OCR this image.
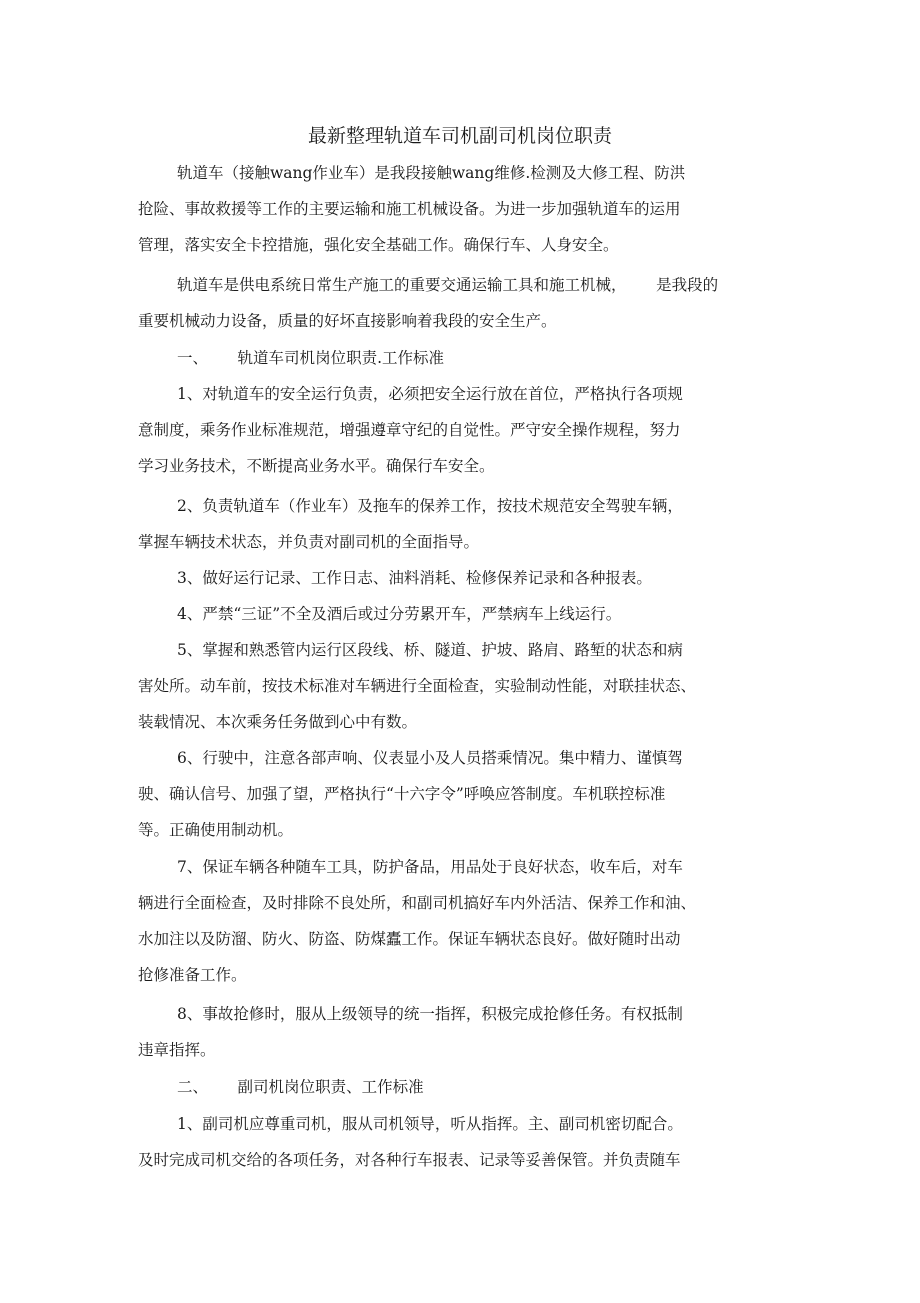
最新整理轨道车司机副司机岗位职责
轨道车（接触wang作业车）是我段接触wang维修.检测及大修工程、防洪
抢险、事故救援等工作的主要运输和施工机械设备。为进一步加强轨道车的运用
管理，落实安全卡控措施，强化安全基础工作。确保行车、人身安全。
轨道车是供电系统日常生产施工的重要交通运输工具和施工机械，      是我段的
重要机械动力设备，质量的好坏直接影响着我段的安全生产。
一、      轨道车司机岗位职责.工作标准
1、对轨道车的安全运行负责，必须把安全运行放在首位，严格执行各项规
意制度，乘务作业标准规范，增强遵章守纪的自觉性。严守安全操作规程，努力
学习业务技术，不断提高业务水平。确保行车安全。
2、负责轨道车（作业车）及拖车的保养工作，按技术规范安全驾驶车辆，
掌握车辆技术状态，并负责对副司机的全面指导。
3、做好运行记录、工作日志、油料消耗、检修保养记录和各种报表。
4、严禁“三证”不全及酒后或过分劳累开车，严禁病车上线运行。
5、掌握和熟悉管内运行区段线、桥、隧道、护坡、路肩、路堑的状态和病
害处所。动车前，按技术标准对车辆进行全面检查，实验制动性能，对联挂状态、
装载情况、本次乘务任务做到心中有数。
6、行驶中，注意各部声响、仪表显小及人员搭乘情况。集中精力、谨慎驾
驶、确认信号、加强了望，严格执行“十六字令”呼唤应答制度。车机联控标准
等。正确使用制动机。
7、保证车辆各种随车工具，防护备品，用品处于良好状态，收车后，对车
辆进行全面检查，及时排除不良处所，和副司机搞好车内外活洁、保养工作和油、
水加注以及防溜、防火、防盗、防煤蠹工作。保证车辆状态良好。做好随时出动
抢修准备工作。
8、事故抢修时，服从上级领导的统一指挥，积极完成抢修任务。有权抵制
违章指挥。
二、      副司机岗位职责、工作标准
1、副司机应尊重司机，服从司机领导，听从指挥。主、副司机密切配合。
及时完成司机交给的各项任务，对各种行车报表、记录等妥善保管。并负责随车
